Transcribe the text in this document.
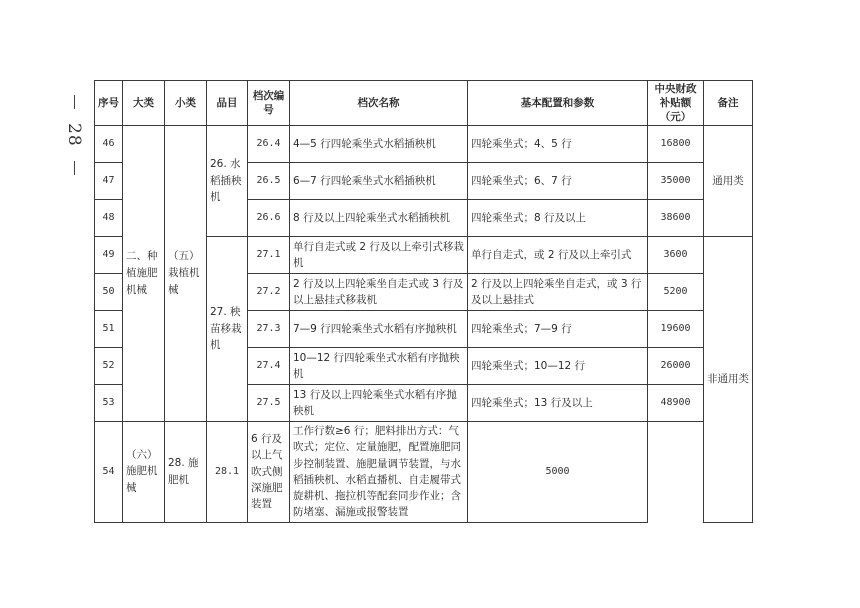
28
序号	大类	小类	品目	档次编号	档次名称	基本配置和参数	中央财政补贴额（元）	备注
46	二、种植施肥机械	（五）栽植机械	26. 水稻插秧机	26.4	4—5 行四轮乘坐式水稻插秧机	四轮乘坐式；4、5 行	16800	通用类
47				26.5	6—7 行四轮乘坐式水稻插秧机	四轮乘坐式；6、7 行	35000	
48				26.6	8 行及以上四轮乘坐式水稻插秧机	四轮乘坐式；8 行及以上	38600	
49			27. 秧苗移栽机	27.1	单行自走式或 2 行及以上牵引式移栽机	单行自走式，或 2 行及以上牵引式	3600	非通用类
50				27.2	2 行及以上四轮乘坐自走式或 3 行及以上悬挂式移栽机	2 行及以上四轮乘坐自走式，或 3 行及以上悬挂式	5200	
51				27.3	7—9 行四轮乘坐式水稻有序抛秧机	四轮乘坐式；7—9 行	19600	
52				27.4	10—12 行四轮乘坐式水稻有序抛秧机	四轮乘坐式；10—12 行	26000	
53				27.5	13 行及以上四轮乘坐式水稻有序抛秧机	四轮乘坐式；13 行及以上	48900	
54	（六）施肥机械	28. 施肥机	28.1	6 行及以上气吹式侧深施肥装置	工作行数≥6 行；肥料排出方式：气吹式；定位、定量施肥，配置施肥同步控制装置、施肥量调节装置，与水稻插秧机、水稻直播机、自走履带式旋耕机、拖拉机等配套同步作业；含防堵塞、漏施或报警装置	5000		
